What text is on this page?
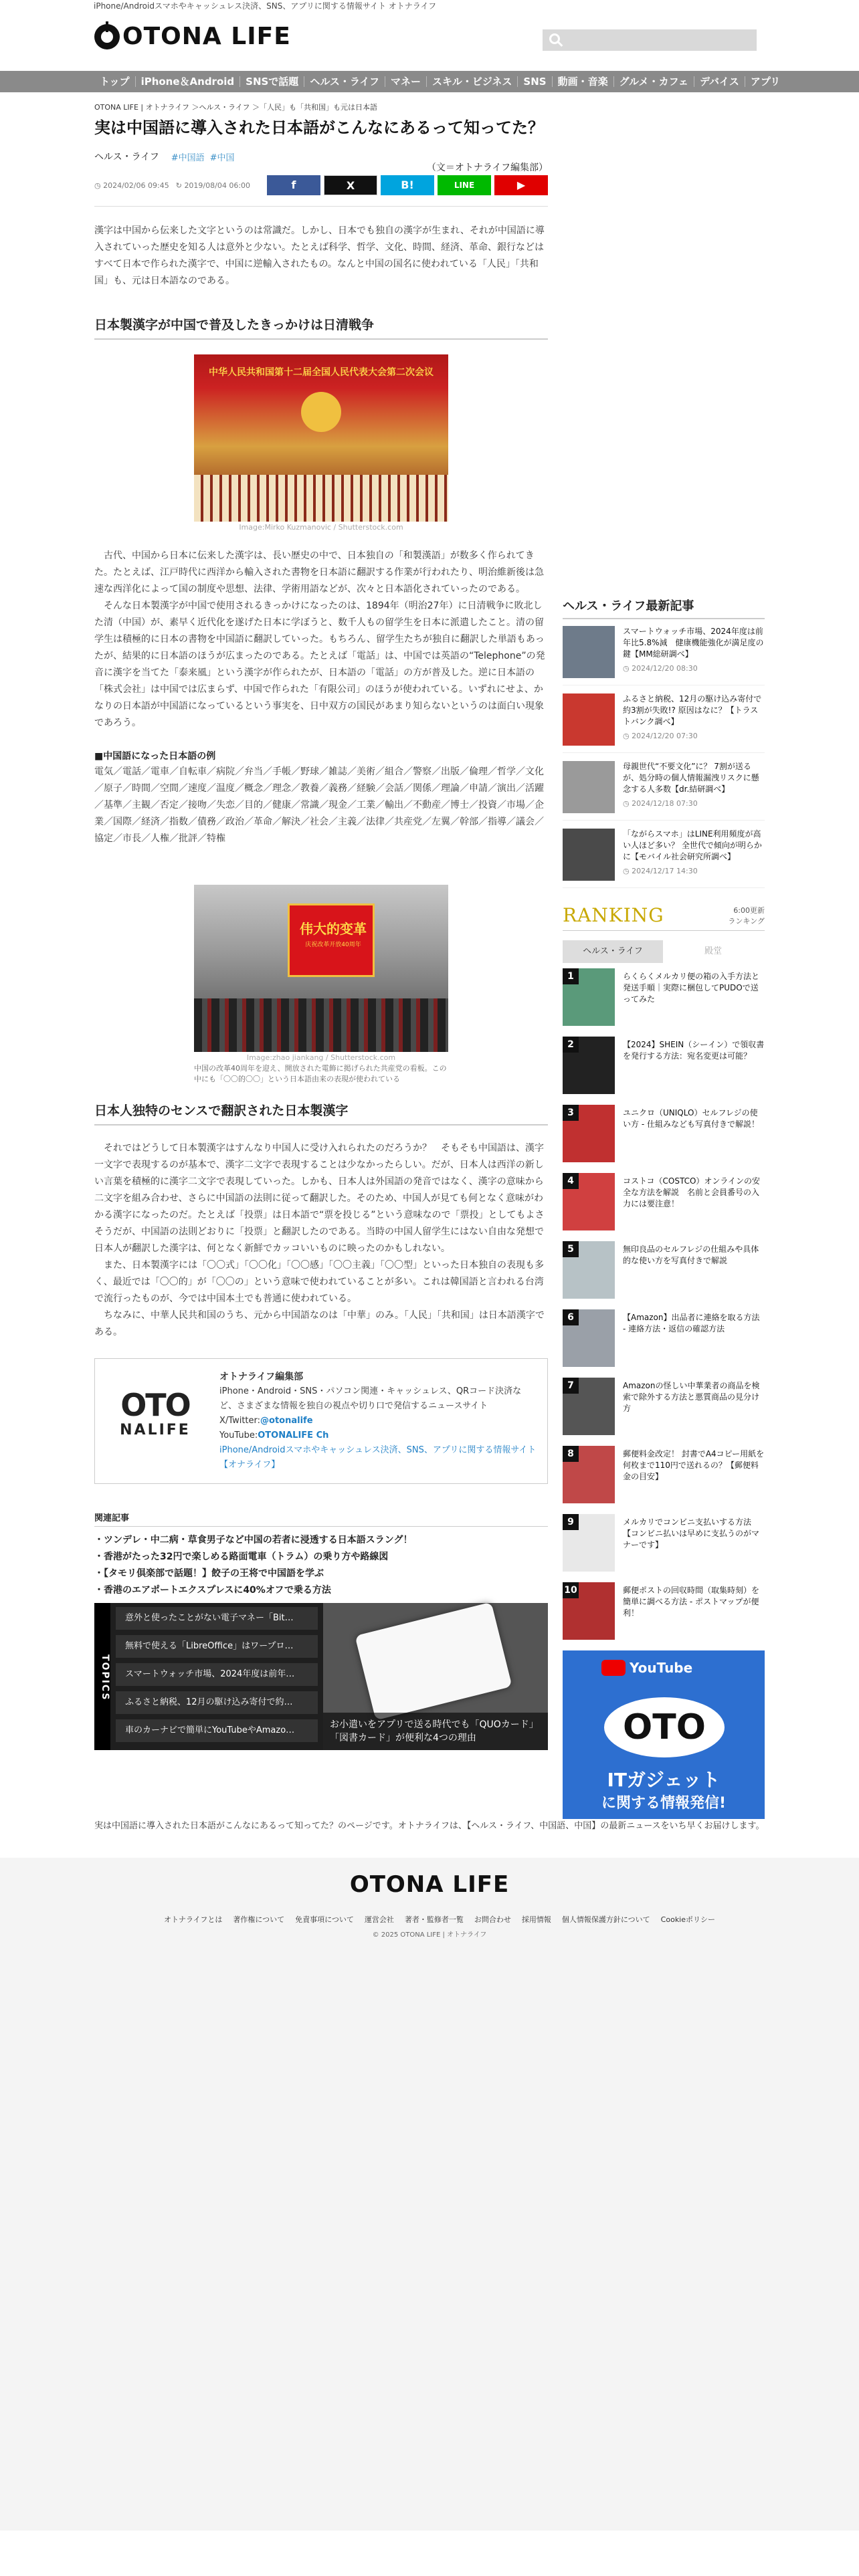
iPhone/Androidスマホやキャッシュレス決済、SNS、アプリに関する情報サイト オトナライフ
OTONA LIFE
トップ	iPhone＆Android	SNSで話題	ヘルス・ライフ	マネー	スキル・ビジネス	SNS	動画・音楽	グルメ・カフェ	デバイス	アプリ
OTONA LIFE | オトナライフ ＞ヘルス・ライフ ＞「人民」も「共和国」も元は日本語
実は中国語に導入された日本語がこんなにあるって知ってた？
ヘルス・ライフ #中国語 #中国
（文＝オトナライフ編集部）
◷ 2024/02/06 09:45 ↻ 2019/08/04 06:00	f	X	B!	LINE	▶

漢字は中国から伝来した文字というのは常識だ。しかし、日本でも独自の漢字が生まれ、それが中国語に導入されていった歴史を知る人は意外と少ない。たとえば科学、哲学、文化、時間、経済、革命、銀行などはすべて日本で作られた漢字で、中国に逆輸入されたもの。なんと中国の国名に使われている「人民」「共和国」も、元は日本語なのである。

日本製漢字が中国で普及したきっかけは日清戦争
中华人民共和国第十二届全国人民代表大会第二次会议
Image:Mirko Kuzmanovic / Shutterstock.com
古代、中国から日本に伝来した漢字は、長い歴史の中で、日本独自の「和製漢語」が数多く作られてきた。たとえば、江戸時代に西洋から輸入された書物を日本語に翻訳する作業が行われたり、明治維新後は急速な西洋化によって国の制度や思想、法律、学術用語などが、次々と日本語化されていったのである。
そんな日本製漢字が中国で使用されるきっかけになったのは、1894年（明治27年）に日清戦争に敗北した清（中国）が、素早く近代化を遂げた日本に学ぼうと、数千人もの留学生を日本に派遣したこと。清の留学生は積極的に日本の書物を中国語に翻訳していった。もちろん、留学生たちが独自に翻訳した単語もあったが、結果的に日本語のほうが広まったのである。たとえば「電話」は、中国では英語の“Telephone”の発音に漢字を当てた「泰来風」という漢字が作られたが、日本語の「電話」の方が普及した。逆に日本語の「株式会社」は中国では広まらず、中国で作られた「有限公司」のほうが使われている。いずれにせよ、かなりの日本語が中国語になっているという事実を、日中双方の国民があまり知らないというのは面白い現象であろう。
■中国語になった日本語の例

電気／電話／電車／自転車／病院／弁当／手帳／野球／雑誌／美術／組合／警察／出版／倫理／哲学／文化／原子／時間／空間／速度／温度／概念／理念／教養／義務／経験／会話／関係／理論／申請／演出／活躍／基準／主観／否定／接吻／失恋／目的／健康／常識／現金／工業／輸出／不動産／博士／投資／市場／企業／国際／経済／指数／債務／政治／革命／解決／社会／主義／法律／共産党／左翼／幹部／指導／議会／協定／市長／人権／批評／特権

伟大的变革
庆祝改革开放40周年
Image:zhao jiankang / Shutterstock.com
中国の改革40周年を迎え、開放された電飾に掲げられた共産党の看板。この中にも「〇〇的〇〇」という日本語由来の表現が使われている
日本人独特のセンスで翻訳された日本製漢字
それではどうして日本製漢字はすんなり中国人に受け入れられたのだろうか？　そもそも中国語は、漢字一文字で表現するのが基本で、漢字二文字で表現することは少なかったらしい。だが、日本人は西洋の新しい言葉を積極的に漢字二文字で表現していった。しかも、日本人は外国語の発音ではなく、漢字の意味から二文字を組み合わせ、さらに中国語の法則に従って翻訳した。そのため、中国人が見ても何となく意味がわかる漢字になったのだ。たとえば「投票」は日本語で“票を投じる”という意味なので「票投」としてもよさそうだが、中国語の法則どおりに「投票」と翻訳したのである。当時の中国人留学生にはない自由な発想で日本人が翻訳した漢字は、何となく新鮮でカッコいいものに映ったのかもしれない。
また、日本製漢字には「〇〇式」「〇〇化」「〇〇感」「〇〇主義」「〇〇型」といった日本独自の表現も多く、最近では「〇〇的」が「〇〇の」という意味で使われていることが多い。これは韓国語と言われる台湾で流行ったものが、今では中国本土でも普通に使われている。
ちなみに、中華人民共和国のうち、元から中国語なのは「中華」のみ。「人民」「共和国」は日本語漢字である。
OTO
NALIFE
オトナライフ編集部
iPhone・Android・SNS・パソコン関連・キャッシュレス、QRコード決済など、さまざまな情報を独自の視点や切り口で発信するニュースサイト
X/Twitter:@otonalife
YouTube:OTONALIFE Ch
iPhone/Androidスマホやキャッシュレス決済、SNS、アプリに関する情報サイト【オナライフ】
関連記事
・ ツンデレ・中二病・草食男子など中国の若者に浸透する日本語スラング！
・ 香港がたった32円で楽しめる路面電車（トラム）の乗り方や路線図
・ 【タモリ倶楽部で話題！】餃子の王将で中国語を学ぶ
・ 香港のエアポートエクスプレスに40%オフで乗る方法
TOPICS
意外と使ったことがない電子マネー「Bit…
無料で使える「LibreOffice」はワープロ…
スマートウォッチ市場、2024年度は前年…
ふるさと納税、12月の駆け込み寄付で約…
車のカーナビで簡単にYouTubeやAmazo…
お小遣いをアプリで送る時代でも「QUOカード」「図書カード」が便利な4つの理由
ヘルス・ライフ最新記事
スマートウォッチ市場、2024年度は前年比5.8%減　健康機能強化が満足度の鍵【MM総研調べ】
◷ 2024/12/20 08:30
ふるさと納税、12月の駆け込み寄付で約3割が失敗!? 原因はなに？【トラストバンク調べ】
◷ 2024/12/20 07:30
母親世代“不要文化”に？ 7割が送るが、処分時の個人情報漏洩リスクに懸念する人多数【dr.結研調べ】
◷ 2024/12/18 07:30
「ながらスマホ」はLINE利用頻度が高い人ほど多い？ 全世代で傾向が明らかに【モバイル社会研究所調べ】
◷ 2024/12/17 14:30
RANKING	6:00更新
ランキング
ヘルス・ライフ	殿堂
1	らくらくメルカリ便の箱の入手方法と発送手順｜実際に梱包してPUDOで送ってみた
2	【2024】SHEIN（シーイン）で領収書を発行する方法：宛名変更は可能？
3	ユニクロ（UNIQLO）セルフレジの使い方 - 仕組みなども写真付きで解説！
4	コストコ（COSTCO）オンラインの安全な方法を解説　名前と会員番号の入力には要注意！
5	無印良品のセルフレジの仕組みや具体的な使い方を写真付きで解説
6	【Amazon】出品者に連絡を取る方法 - 連絡方法・返信の確認方法
7	Amazonの怪しい中華業者の商品を検索で除外する方法と悪質商品の見分け方
8	郵便料金改定！ 封書でA4コピー用紙を何枚まで110円で送れるの？【郵便料金の目安】
9	メルカリでコンビニ支払いする方法【コンビニ払いは早めに支払うのがマナーです】
10	郵便ポストの回収時間（取集時刻）を簡単に調べる方法 - ポストマップが便利！
YouTube
OTO
ITガジェット
に関する情報発信!

実は中国語に導入された日本語がこんなにあるって知ってた？のページです。オトナライフは、【ヘルス・ライフ、中国語、中国】の最新ニュースをいち早くお届けします。

OTONA LIFE
オトナライフとは 著作権について 免責事項について 運営会社 著者・監修者一覧 お問合わせ 採用情報 個人情報保護方針について Cookieポリシー
© 2025 OTONA LIFE | オトナライフ
